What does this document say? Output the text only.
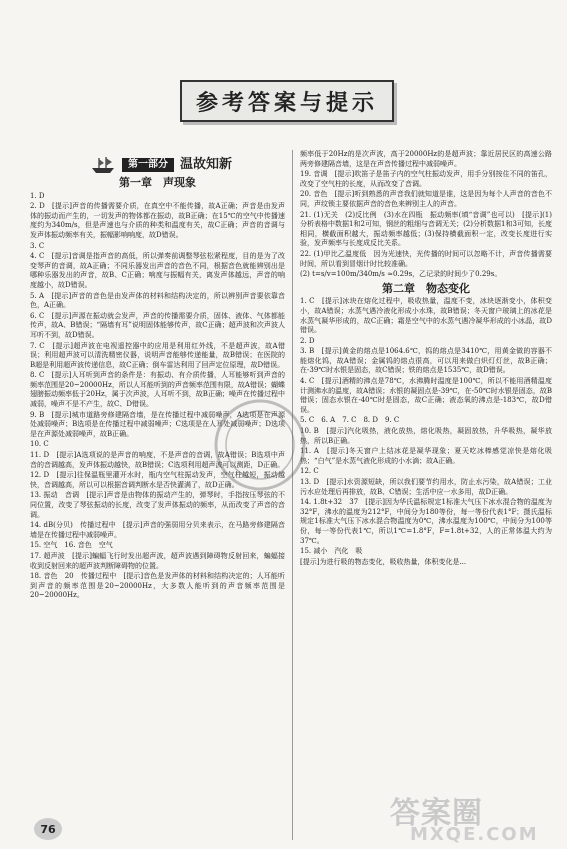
参考答案与提示
第一部分 温故知新
第一章　声现象
1. D
2. D　[提示]声音的传播需要介质，在真空中不能传播，故A正确；声音是由发声体的振动而产生的，一切发声的物体都在振动，故B正确；在15℃的空气中传播速度约为340m/s，但是声速也与介质的种类和温度有关，故C正确；声音的音调与发声体振动频率有关，振幅影响响度，故D错误。
3. C
4. C　[提示]音调是指声音的高低，所以弹奏前调整琴弦松紧程度，目的是为了改变琴声的音调，故A正确；不同乐器发出声音的音色不同，根据音色就能辨别出是哪种乐器发出的声音，故B、C正确；响度与振幅有关，离发声体越远，声音的响度越小，故D错误。
5. A　[提示]声音的音色是由发声体的材料和结构决定的，所以辨别声音要依靠音色，A正确。
6. C　[提示]声源在振动就会发声，声音的传播需要介质，固体、液体、气体都能传声，故A、B错误；“隔墙有耳”说明固体能够传声，故C正确；超声波和次声波人耳听不到，故D错误。
7. C　[提示]超声波在电视遥控器中的应用是利用红外线，不是超声波，故A错误；利用超声波可以清洗精密仪器，说明声音能够传递能量，故B错误；在医院的B超是利用超声波传递信息，故C正确；倒车雷达利用了回声定位原理，故D错误。
8. C　[提示]人耳听到声音的条件是：有振动、有介质传播，人耳能够听到声音的频率范围是20~20000Hz，所以人耳能听到的声音频率范围有限，故A错误；蝴蝶翅膀振动频率低于20Hz，属于次声波，人耳听不到，故B正确；噪声在传播过程中减弱，噪声不是不产生，故C、D错误。
9. B　[提示]城市道路旁修建隔音墙，是在传播过程中减弱噪声，A选项是在声源处减弱噪声；B选项是在传播过程中减弱噪声；C选项是在人耳处减弱噪声；D选项是在声源处减弱噪声，故B正确。
10. C
11. D　[提示]A选项说的是声音的响度，不是声音的音调，故A错误；B选项中声音的音调越高，发声体振动越快，故B错误；C选项利用超声波可以测距，D正确。
12. D　[提示]往保温瓶里灌开水时，瓶内空气柱振动发声，空气柱越短，振动越快，音调越高，所以可以根据音调判断水是否快灌满了，故D正确。
13. 振动　音调　[提示]声音是由物体的振动产生的，弹琴时，手指按压琴弦的不同位置，改变了琴弦振动的长度，改变了发声体振动的频率，从而改变了声音的音调。
14. dB(分贝)　传播过程中　[提示]声音的强弱用分贝来表示，在马路旁修建隔音墙是在传播过程中减弱噪声。
15. 空气　16. 音色　空气
17. 超声波　[提示]蝙蝠飞行时发出超声波，超声波遇到障碍物反射回来，蝙蝠接收到反射回来的超声波判断障碍物的位置。
18. 音色　20　传播过程中　[提示]音色是发声体的材料和结构决定的；人耳能听到声音的频率范围是20~20000Hz，大多数人能听到的声音频率范围是20~20000Hz。
频率低于20Hz的是次声波，高于20000Hz的是超声波；靠近居民区的高速公路两旁修建隔音墙，这是在声音传播过程中减弱噪声。
19. 音调　[提示]吹笛子是笛子内的空气柱振动发声，用手分别按住不同的笛孔，改变了空气柱的长度，从而改变了音调。
20. 音色　[提示]听到熟悉的声音我们就知道是谁，这是因为每个人声音的音色不同，声纹锁主要依据声音的音色来辨别主人的声音。
21. (1)无关　(2)反比例　(3)水在四瓶　振动频率(填“音调”也可以)　[提示](1)分析表格中数据1和2可知，钢丝的粗细与音调无关；(2)分析数据1和3可知，长度相同，横截面积越大，振动频率越低；(3)保持横截面积一定，改变长度进行实验，发声频率与长度成反比关系。
22. (1)甲比乙温度低　因为光速快，光传播的时间可以忽略不计，声音传播需要时间，所以看到冒烟计时比较准确。
(2) t=s/v=100m/340m/s ≈0.29s，乙记录的时间少了0.29s。
第二章　物态变化
1. C　[提示]冰块在熔化过程中，吸收热量，温度不变，冰块逐渐变小，体积变小，故A错误；水蒸气遇冷液化形成小水珠，故B错误；冬天窗户玻璃上的冰花是水蒸气凝华形成的，故C正确；霜是空气中的水蒸气遇冷凝华形成的小冰晶，故D错误。
2. D
3. B　[提示]黄金的熔点是1064.6℃，钨的熔点是3410℃，用黄金做的容器不能熔化钨，故A错误；金属钨的熔点很高，可以用来做白炽灯灯丝，故B正确；在-39℃时水银是固态，故C错误；铁的熔点是1535℃，故D错误。
4. C　[提示]酒精的沸点是78℃，水沸腾时温度是100℃，所以不能用酒精温度计测沸水的温度，故A错误；水银的凝固点是-39℃，在-50℃时水银是固态，故B错误；固态水银在-40℃时是固态，故C正确；液态氧的沸点是-183℃，故D错误。
5. C　6. A　7. C　8. D　9. C
10. B　[提示]汽化吸热，液化放热，熔化吸热，凝固放热，升华吸热，凝华放热，所以B正确。
11. A　[提示]冬天窗户上结冰花是凝华现象；夏天吃冰棒感觉凉快是熔化吸热；“白气”是水蒸气液化形成的小水滴；故A正确。
12. C
13. D　[提示]水资源短缺，所以我们要节约用水，防止水污染，故A错误；工业污水应处理后再排放，故B、C错误；生活中应一水多用，故D正确。
14. 1.8t+32　37　[提示]因为华氏温标规定1标准大气压下冰水混合物的温度为32°F，沸水的温度为212°F，中间分为180等份，每一等份代表1°F；摄氏温标规定1标准大气压下冰水混合物温度为0℃，沸水温度为100℃，中间分为100等份，每一等份代表1℃，所以1℃=1.8°F，F=1.8t+32，人的正常体温大约为37℃。
15. 减小　汽化　吸
[提示]为进行吸的物态变化，吸收热量，体积变化是...
76	答案圈
MXQE.COM
